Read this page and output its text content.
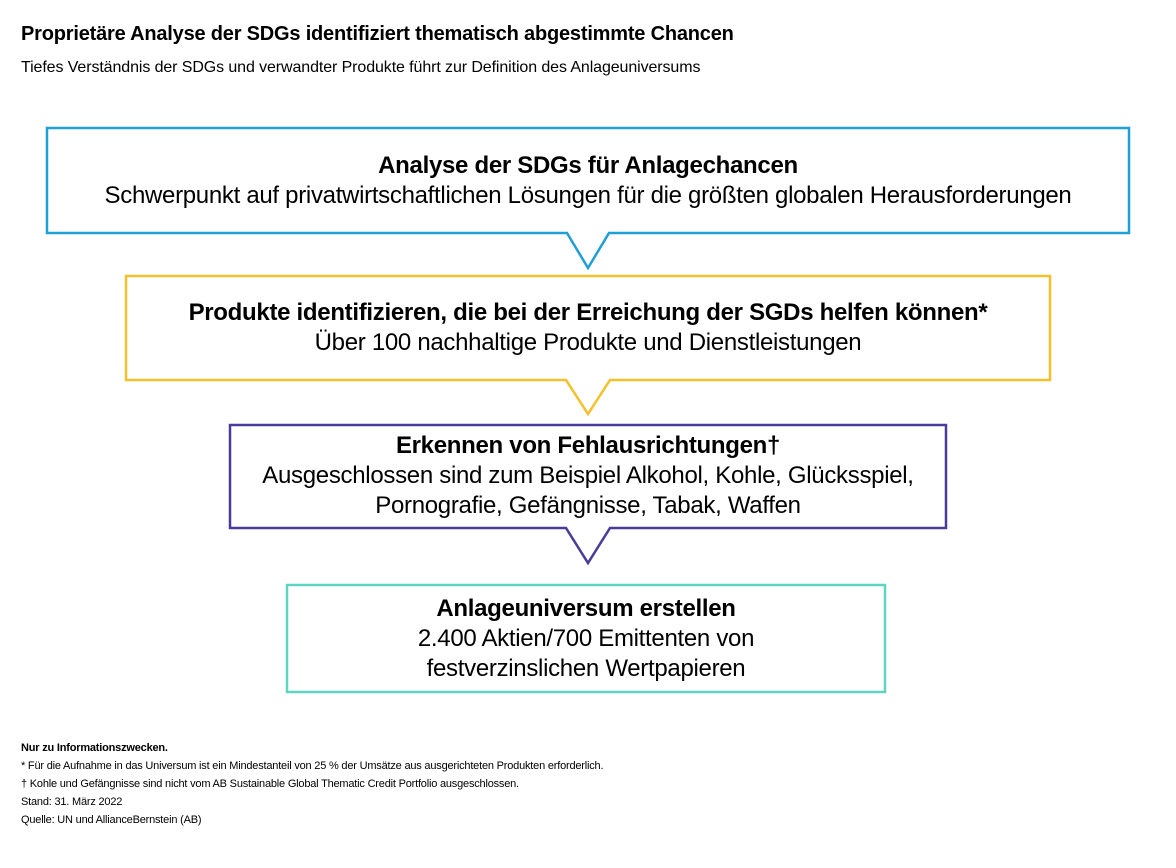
Proprietäre Analyse der SDGs identifiziert thematisch abgestimmte Chancen

Tiefes Verständnis der SDGs und verwandter Produkte führt zur Definition des Anlageuniversums

Analyse der SDGs für Anlagechancen
Schwerpunkt auf privatwirtschaftlichen Lösungen für die größten globalen Herausforderungen
Produkte identifizieren, die bei der Erreichung der SGDs helfen können*
Über 100 nachhaltige Produkte und Dienstleistungen
Erkennen von Fehlausrichtungen†
Ausgeschlossen sind zum Beispiel Alkohol, Kohle, Glücksspiel,
Pornografie, Gefängnisse, Tabak, Waffen
Anlageuniversum erstellen
2.400 Aktien/700 Emittenten von
festverzinslichen Wertpapieren
Nur zu Informationszwecken.
* Für die Aufnahme in das Universum ist ein Mindestanteil von 25 % der Umsätze aus ausgerichteten Produkten erforderlich.
† Kohle und Gefängnisse sind nicht vom AB Sustainable Global Thematic Credit Portfolio ausgeschlossen.
Stand: 31. März 2022
Quelle: UN und AllianceBernstein (AB)
